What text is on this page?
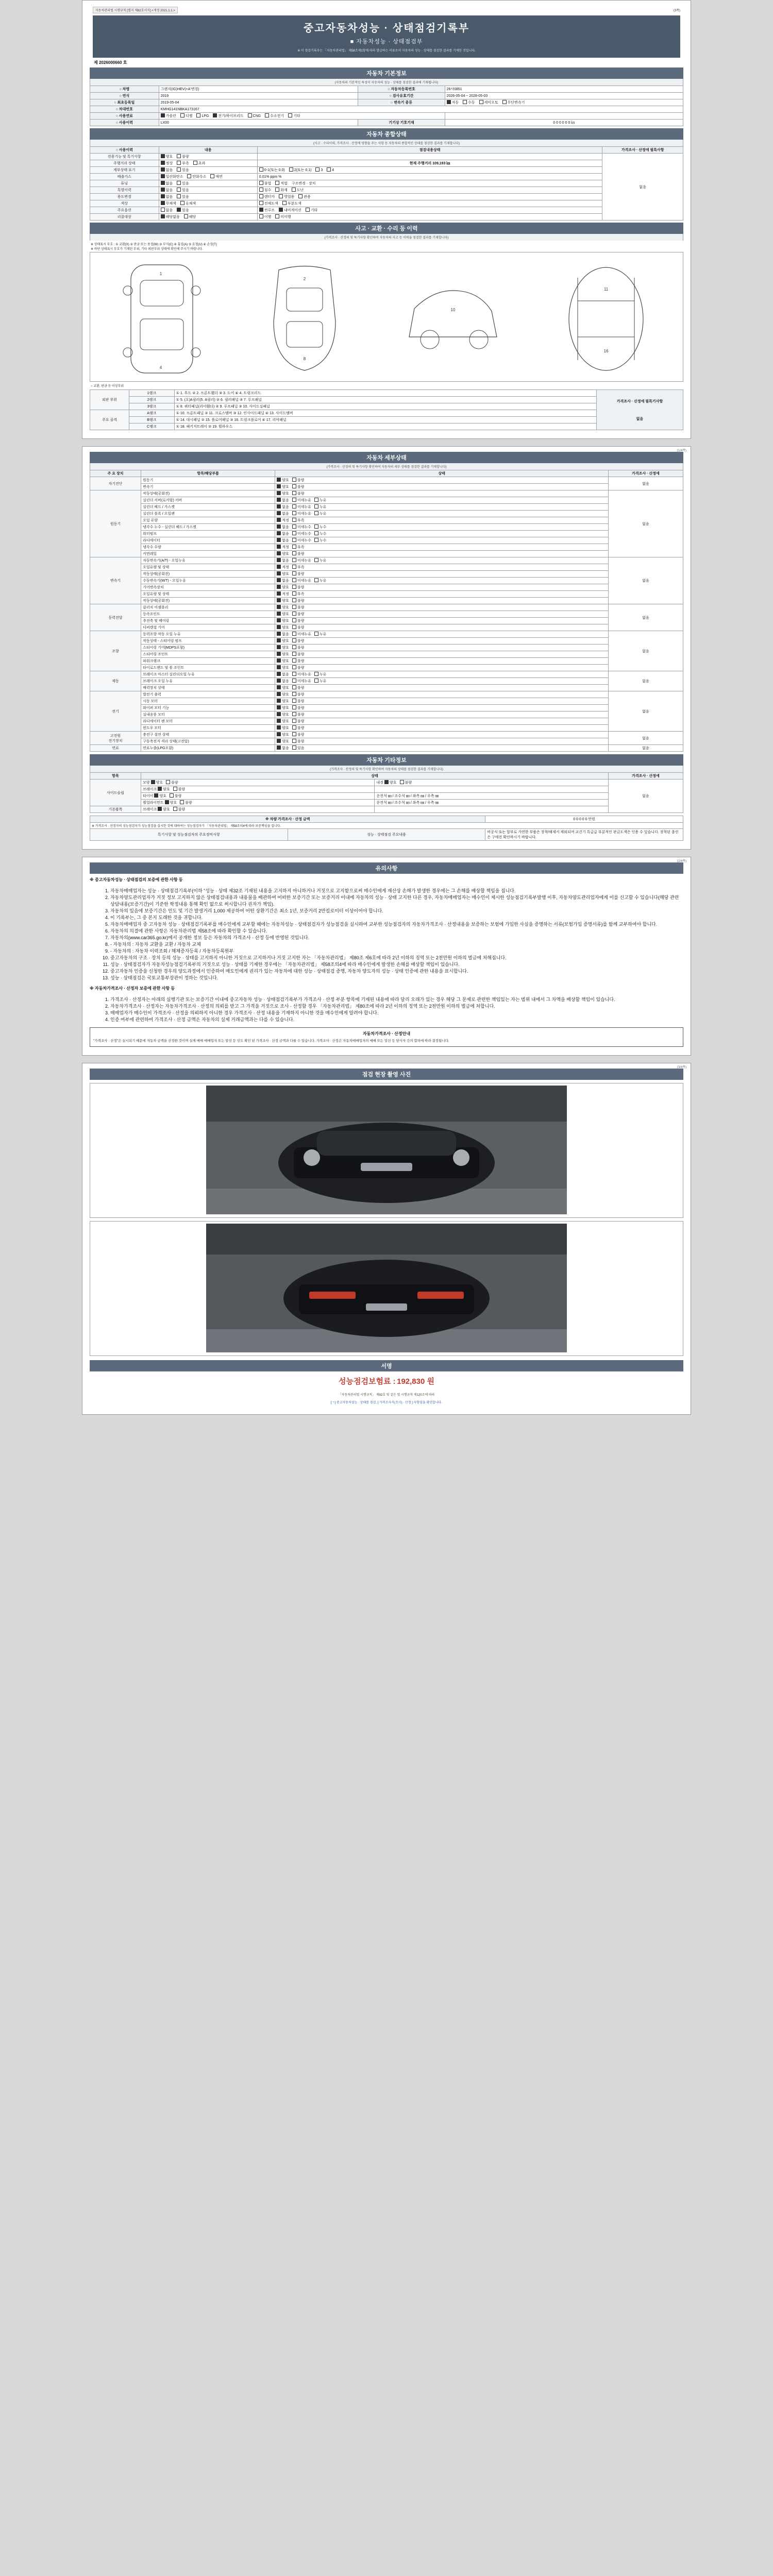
자동차관리법 시행규칙 [별지 제82호서식] <개정 2021.1.1.>	(3쪽)
중고자동차성능 · 상태점검기록부
■ 자동차성능 · 상태점검부
※ 이 점검기록부는 「자동차관리법」 제58조제1항에 따라 발급하는 서류로서 자동차의 성능 · 상태를 점검한 결과를 기재한 것입니다.
제 2026000660 호
자동차 기본정보
(자동차의 기본적인 특성이 자동차의 성능 · 상태를 점검한 결과에 기재됩니다)
○ 차명	그랜저(IG)HEV(+A'변경)	○ 자동차등록번호	26사0851
○ 연식	2019	○ 검사유효기간	2026-05-04 ~ 2028-05-03
○ 최초등록일	2019-05-04	○ 변속기 종류	자동 수동 세미오토 무단변속기
○ 차대번호	KMHG141NBKA173167		
○ 사용연료	가솔린 디젤 LPG 전기/하이브리드 CNG 수소전기 기타		
○ 사용이력	LX00	기기상 기호기재	0 0 0 0 0 0 ㎞
자동차 종합상태
(사고 · 수리이력, 가격조사 · 산정에 영향을 주는 사항 등 자동차의 종합적인 상태를 점검한 결과를 기재합니다)
○ 사용이력	내용	점검내용상태	가격조사 · 산정에 필특사항
전용기능 및 특기사항	양호 불량		없음
주행거리 상태	정상 부족 초과	현재 주행거리 109,193 ㎞	
계부상태 표기	없음 있음	0-1(또는 0.0) 2(또는 0.1) 3 4	
배출가스	일산화탄소 탄화수소 매연	0.01% ppm %	
튜닝	없음 있음	불법 적법 구조변경 · 장치	
특별이력	없음 있음	침수 화재 도난	
용도변경	없음 있음	렌터카 영업용 관용	
색상	무채색 유채색	전체도색 부분도색	
주요옵션	없음 있음	썬루프 내비게이션 기타	
리콜대상	해당없음 해당	이행 미이행	
사고 · 교환 · 수리 등 이력
(가격조사 · 산정의 및 특기사항 확인하여 자동차의 사고 등 이력을 점검한 결과를 기재합니다)
※ 상태표시 부호 : ① 교환(X) ② 판금 또는 용접(W) ③ 부식(C) ④ 흠집(A) ⑤ 요철(U) ⑥ 손상(T)
※ 하단 상태표시 부호가 기재된 부위, 기타 외판부위 상태에 확인해 주시기 바랍니다.
1
4
2
8
10
11
16
○ 교환, 판금 등 이상부위
외판 부위	1랭크	① 1. 후드 ② 2. 프론트휀더 ③ 3. 도어 ④ 4. 트렁크리드	가격조사 · 산정에 필특기사항
없음

	2랭크	① 5. (오)A필러(5. A필러) ② 6. 필러패널 ③ 7. 루프패널	
	3랭크	① 8. 쿼터패널(리어휀더) ② 9. 루프패널 ③ 10. 사이드실패널	
주요 골격	A랭크	① 10. 프론트패널 ② 11. 크로스멤버 ③ 12. 인사이드패널 ④ 13. 사이드멤버	
	B랭크	① 14. 대시패널 ② 15. 플로어패널 ③ 16. 트렁크플로어 ④ 17. 리어패널	
	C랭크	① 18. 패키지트레이 ② 19. 휠하우스	
(1/4쪽)
자동차 세부상태
(가격조사 · 산정의 및 특기사항 확인하여 자동차의 세부 상태를 점검한 결과를 기재합니다)
주 요 장치	항목/해당부품	상태	가격조사 · 산정에
자기진단	원동기	양호 불량	없음
	변속기	양호 불량	
원동기	작동상태(공회전)	양호 불량	없음
	실린더 커버(로커암) 커버	없음 미세누유 누유	
	실린더 헤드 / 가스켓	없음 미세누유 누유	
	실린더 블록 / 오일팬	없음 미세누유 누유	
	오일 유량	적정 부족	
	냉각수 누수 - 실린더 헤드 / 가스켓	없음 미세누수 누수	
	워터펌프	없음 미세누수 누수	
	라디에이터	없음 미세누수 누수	
	냉각수 수량	적정 부족	
	커먼레일	양호 불량	
변속기	자동변속기(A/T) - 오일누유	없음 미세누유 누유	없음
	오일유량 및 상태	적정 부족	
	작동상태(공회전)	양호 불량	
	수동변속기(M/T) - 오일누유	없음 미세누유 누유	
	기어변속장치	양호 불량	
	오일유량 및 상태	적정 부족	
	작동상태(공회전)	양호 불량	
동력전달	클러치 어셈블리	양호 불량	없음
	등속조인트	양호 불량	
	추진축 및 베어링	양호 불량	
	디퍼렌셜 기어	양호 불량	
조향	동력조향 작동 오일 누유	없음 미세누유 누유	없음
	작동상태 - 스티어링 펌프	양호 불량	
	스티어링 기어(MDPS포함)	양호 불량	
	스티어링 조인트	양호 불량	
	파워크랭크	양호 불량	
	타이로드엔드 및 볼 조인트	양호 불량	
제동	브레이크 마스터 실린더오일 누유	없음 미세누유 누유	없음
	브레이크 오일 누유	없음 미세누유 누유	
	배력장치 상태	양호 불량	
전기	발전기 출력	양호 불량	없음
	시동 모터	양호 불량	
	와이퍼 모터 기능	양호 불량	
	실내송풍 모터	양호 불량	
	라디에이터 팬 모터	양호 불량	
	윈도우 모터	양호 불량	
고전원
전기장치	충전구 절연 상태	양호 불량	없음
	구동축전지 격리 상태(고전압)	양호 불량	
연료	연료누출(LPG포함)	없음 있음	없음
자동차 기타정보
(가격조사 · 산정의 및 특기사항 확인하여 자동차의 상태를 점검한 결과를 기재합니다)
항목	상태		가격조사 · 산정에
사이드슬립	모양 양호 불량	내경 양호 불량	없음
	브레이크 양호 불량		
	타이어 양호 불량	운전석 ㎜ / 조수석 ㎜ / 좌측 ㎜ / 우측 ㎜	
	휠얼라이먼트 양호 불량	운전석 ㎜ / 조수석 ㎜ / 좌측 ㎜ / 우측 ㎜	
기본품목	브레이크 양호 불량		
※ 차량 가격조사 · 산정 금액		0 0 0 0 0 만원
※ 가격조사 · 산정자의 성능점검자가 성능점검을 실시한 것에 대하여는 성능점검자가 「자동차관리법」 제58조의4에 따라 보증책임을 집니다.		
특기사항 및 성능점검자의 주요정비사항	성능 · 상태점검 주요내용	비공식 또는 합부로 가연한 부품은 장착/해제서 제외되며 교건기 특급급 부분적인 판금도색은 인용 수 있습니다. 장착된 옵션은 구매전 확인하시기 바랍니다.
(2/4쪽)
유의사항
※ 중고자동차성능 · 상태점검의 보증에 관한 사항 등
1. 자동차매매업자는 성능 · 상태점검기록부(이하 "성능 · 상태 제32조 기재된 내용을 고지하지 아니하거나 거짓으로 고지함으로써 매수인에게 재산상 손해가 발생한 경우에는 그 손해를 배상할 책임을 집니다.
2. 자동차양도관리업자가 거짓 정보 고지하지 않은 상태점검내용과 내용물을 배관하여 어떠한 보증기간 또는 보증거리 이내에 자동차의 성능 · 상태 고지한 다른 경우, 자동차매매업자는 매수인이 제시한 성능점검기록부발행 이후, 자동차양도관리업자에게 이를 신고할 수 있습니다(해당 관련 상담내용(보증기간)이 기준한 학정내용 통해 확인 없으로 써시합니다 권자가 책임).
3. 자동차의 있음에 보증기간은 인도 및 기간 발생거리 1,000 제공하여 어떤 상환기간은 최소 1년, 보증거리 2만킬로미터 이상이어야 합니다.
4. 이 기록부는, 그 중 본지 도래한 것을 귀합니다.
5. 자동차매매업자 중 고자동차 성능 · 상태점검기록부를 매수인에게 교부할 때에는 자동차성능 · 상태점검자가 성능점검을 실시하여 교부한 성능점검자의 자동차가격조사 · 산정내용을 보증하는 보험에 가입한 사실을 증명하는 서류(보험가입 증명서류)를 함께 교부하여야 합니다.
6. 자동차의 의결에 관한 사항은 자동차관리법 제58조에 따라 확인할 수 있습니다.
7. 자동차의(www.car365.go.kr)에서 공개한 정보 등은 자동차의 가격조사 · 산정 등에 반영된 것입니다.
8. - 자동차의 : 자동차 교환을 교환 / 자동차 교체
9. - 자동차의 : 자동차 이력조회 / 해체증자등록 / 자동차등록원부
10. 중고자동차의 구조 · 장치 등의 성능 · 상태를 고지하지 아니한 거짓으로 고지하거나 거짓 고지한 자는 「자동차관리법」 제80조 제6호에 따라 2년 이하의 징역 또는 2천만원 이하의 벌금에 처해집니다.
11. 성능 · 상태점검자가 자동차성능점검기록부의 거짓으로 성능 · 상태를 기재한 경우에는 「자동차관리법」 제58조의4에 따라 매수인에게 발생한 손해를 배상할 책임이 있습니다.
12. 중고자동차 인증을 신청한 경우의 양도과정에서 인증하여 매도인에게 권리가 있는 자동차에 대한 성능 · 상태점검 증명, 자동차 양도자의 성능 · 상태 인증에 관한 내용을 표시합니다.
13. 성능 · 상태점검은 국토교통부장관이 정하는 것입니다.
※ 자동차가격조사 · 산정자 보증에 관한 사항 등
1. 가격조사 · 산정자는 아래의 실행기관 또는 보증기간 이내에 중고자동차 성능 · 상태점검기록부가 가격조사 · 산정 부분 항목에 기재된 내용에 따라 달리 오래가 있는 경우 해당 그 문제로 관련한 책임있는 자는 범위 내에서 그 차액을 배상할 책임이 있습니다.
2. 자동차가격조사 · 산정자는 자동차가격조사 · 산정의 의뢰를 받고 그 가격을 거짓으로 조사 · 산정할 경우 「자동차관리법」 제80조에 따라 2년 이하의 징역 또는 2천만원 이하의 벌금에 처합니다.
3. 매매업자가 매수인이 가격조사 · 산정을 의뢰하지 아니한 경우 가격조사 · 산정 내용을 기재하지 아니한 것을 매수인에게 알려야 합니다.
4. 인증 여부에 관련하여 가격조사 · 산정 금액은 자동차의 실제 거래금액과는 다를 수 있습니다.
자동차가격조사 · 산정안내
"가격조사 · 산정"은 실시되기 때문에 자동차 금액을 산정한 것이며 실제 매매 매매업자 또는 알선 등 인도 확인 된 가격조사 · 산정 금액과 다를 수 있습니다. 가격조사 · 산정은 자동차매매업자의 매매 또는 알선 등 당사자 간의 합의에 따라 결정됩니다.
(3/4쪽)
점검 현장 촬영 사진
서명
성능점검보험료 : 192,830 원
「자동차관리법 시행규칙」 제82호 및 같은 법 시행규칙 제120조에 따라
[ㄱ] 중고자동차성능 · 상태를 점검, [ 가격조사서(조사) · 산정 ] 사항임을 확인합니다.
